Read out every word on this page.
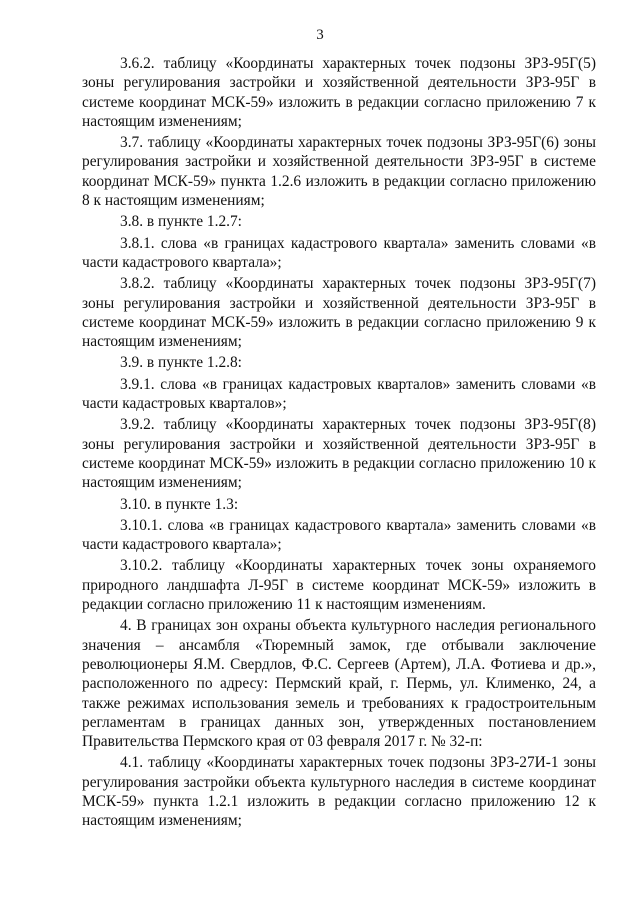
3

3.6.2. таблицу «Координаты характерных точек подзоны ЗРЗ-95Г(5) зоны регулирования застройки и хозяйственной деятельности ЗРЗ-95Г в системе координат МСК-59» изложить в редакции согласно приложению 7 к настоящим изменениям;

3.7. таблицу «Координаты характерных точек подзоны ЗРЗ-95Г(6) зоны регулирования застройки и хозяйственной деятельности ЗРЗ-95Г в системе координат МСК-59» пункта 1.2.6 изложить в редакции согласно приложению 8 к настоящим изменениям;

3.8. в пункте 1.2.7:

3.8.1. слова «в границах кадастрового квартала» заменить словами «в части кадастрового квартала»;

3.8.2. таблицу «Координаты характерных точек подзоны ЗРЗ-95Г(7) зоны регулирования застройки и хозяйственной деятельности ЗРЗ-95Г в системе координат МСК-59» изложить в редакции согласно приложению 9 к настоящим изменениям;

3.9. в пункте 1.2.8:

3.9.1. слова «в границах кадастровых кварталов» заменить словами «в части кадастровых кварталов»;

3.9.2. таблицу «Координаты характерных точек подзоны ЗРЗ-95Г(8) зоны регулирования застройки и хозяйственной деятельности ЗРЗ-95Г в системе координат МСК-59» изложить в редакции согласно приложению 10 к настоящим изменениям;

3.10. в пункте 1.3:

3.10.1. слова «в границах кадастрового квартала» заменить словами «в части кадастрового квартала»;

3.10.2. таблицу «Координаты характерных точек зоны охраняемого природного ландшафта Л-95Г в системе координат МСК-59» изложить в редакции согласно приложению 11 к настоящим изменениям.

4. В границах зон охраны объекта культурного наследия регионального значения – ансамбля «Тюремный замок, где отбывали заключение революционеры Я.М. Свердлов, Ф.С. Сергеев (Артем), Л.А. Фотиева и др.», расположенного по адресу: Пермский край, г. Пермь, ул. Клименко, 24, а также режимах использования земель и требованиях к градостроительным регламентам в границах данных зон, утвержденных постановлением Правительства Пермского края от 03 февраля 2017 г. № 32-п:

4.1. таблицу «Координаты характерных точек подзоны ЗРЗ-27И-1 зоны регулирования застройки объекта культурного наследия в системе координат МСК-59» пункта 1.2.1 изложить в редакции согласно приложению 12 к настоящим изменениям;
